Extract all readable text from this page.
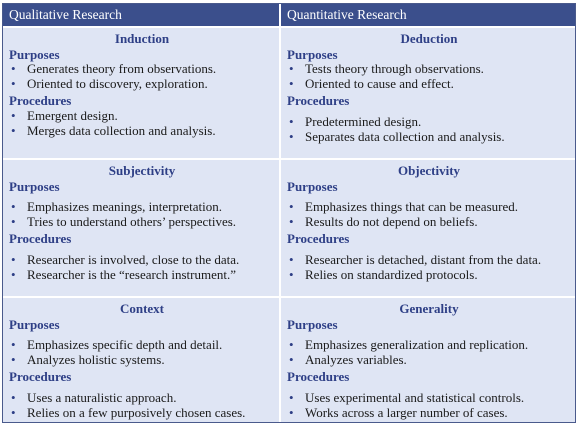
Qualitative Research	Quantitative Research
Induction
Purposes
• Generates theory from observations.
• Oriented to discovery, exploration.
Procedures
• Emergent design.
• Merges data collection and analysis.
Deduction
Purposes
• Tests theory through observations.
• Oriented to cause and effect.
Procedures
• Predetermined design.
• Separates data collection and analysis.
Subjectivity
Purposes
• Emphasizes meanings, interpretation.
• Tries to understand others’ perspectives.
Procedures
• Researcher is involved, close to the data.
• Researcher is the “research instrument.”
Objectivity
Purposes
• Emphasizes things that can be measured.
• Results do not depend on beliefs.
Procedures
• Researcher is detached, distant from the data.
• Relies on standardized protocols.
Context
Purposes
• Emphasizes specific depth and detail.
• Analyzes holistic systems.
Procedures
• Uses a naturalistic approach.
• Relies on a few purposively chosen cases.
Generality
Purposes
• Emphasizes generalization and replication.
• Analyzes variables.
Procedures
• Uses experimental and statistical controls.
• Works across a larger number of cases.
